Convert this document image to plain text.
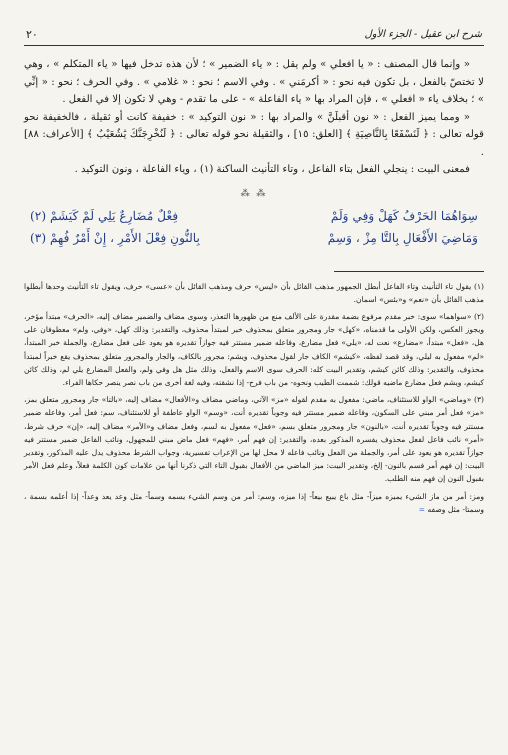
شرح ابن عقيل - الجزء الأول
٢٠

« وإنما قال المصنف : « يا افعلي » ولم يقل : « ياء الضمير » ؛ لأن هذه تدخل فيها « ياء المتكلم » ، وهي لا تختصّ بالفعل ، بل تكون فيه نحو : « أكرمَني » . وفي الاسم ؛ نحو : « غلامي » . وفي الحرف ؛ نحو : « إنِّي » ؛ بخلاف ياء « افعلي » ، فإن المراد بها « ياء الفاعلة » - على ما تقدم - وهي لا تكون إلا في الفعل .

« ومما يميز الفعل : « نون أقبلَنَّ » والمراد بها : « نون التوكيد » : خفيفة كانت أو ثقيلة ، فالخفيفة نحو قوله تعالى : ﴿ لَنَسْفَعًا بِالنَّاصِيَةِ ﴾ [العلق: ١٥] ، والثقيلة نحو قوله تعالى : ﴿ لَنُخْرِجَنَّكَ يَٰشُعَيْبُ ﴾ [الأعراف: ٨٨] .

فمعنى البيت : ينجلي الفعل بتاء الفاعل ، وتاء التأنيث الساكنة (١) ، وياء الفاعلة ، ونون التوكيد .

⁂ ⁂
سِوَاهُمَا الحَرْفُ كَهَلْ وَفِي وَلَمْ
فِعْلٌ مُضَارِعٌ يَلِي لَمْ كَيَشَمْ (٢)
وَمَاضِيَ الأَفْعَالِ بِالتَّا مِزْ ، وَسِمْ
بِالنُّونِ فِعْلَ الأَمْرِ ، إِنْ أَمْرٌ فُهِمْ (٣)

(١) يقول تاء التأنيث وتاء الفاعل أبطل الجمهور مذهب القائل بأن «ليس» حرف ومذهب القائل بأن «عسى» حرف، ويقول تاء التأنيث وحدها أبطلوا مذهب القائل بأن «نعم» و«بئس» اسمان.

(٢) «سواهما» سوى: خبر مقدم مرفوع بضمة مقدرة على الألف منع من ظهورها التعذر، وسوى مضاف والضمير مضاف إليه، «الحرف» مبتدأ مؤخر، ويجوز العكس، ولكن الأولى ما قدمناه، «كهل» جار ومجرور متعلق بمحذوف خبر لمبتدأ محذوف، والتقدير: وذلك كهل، «وفي، ولم» معطوفان على هل، «فعل» مبتدأ، «مضارع» نعت له، «يلي» فعل مضارع، وفاعله ضمير مستتر فيه جوازاً تقديره هو يعود على فعل مضارع، والجملة خبر المبتدأ، «لم» مفعول به ليلي، وقد قصد لفظه، «كيشم» الكاف جار لقول محذوف، ويشم: مجرور بالكاف، والجار والمجرور متعلق بمحذوف يقع خبراً لمبتدأ محذوف، والتقدير: وذلك كائن كيشم، وتقدير البيت كله: الحرف سوى الاسم والفعل، وذلك مثل هل وفي ولم، والفعل المضارع يلي لم، وذلك كائن كيشم، ويشم فعل مضارع ماضيه قولك: شممت الطيب ونحوه- من باب فرح- إذا نشقته، وفيه لغة أخرى من باب نصر ينصر حكاها الفراء.

(٣) «وماضي» الواو للاستئناف، ماضي: مفعول به مقدم لقوله «مز» الآتي، وماضي مضاف و«الأفعال» مضاف إليه، «بالتا» جار ومجرور متعلق بمز، «مز» فعل أمر مبني على السكون، وفاعله ضمير مستتر فيه وجوباً تقديره أنت، «وسم» الواو عاطفة أو للاستئناف، سم: فعل أمر، وفاعله ضمير مستتر فيه وجوباً تقديره أنت، «بالنون» جار ومجرور متعلق بسم، «فعل» مفعول به لسم، وفعل مضاف و«الأمر» مضاف إليه، «إن» حرف شرط، «أمر» نائب فاعل لفعل محذوف يفسره المذكور بعده، والتقدير: إن فهم أمر، «فهم» فعل ماض مبني للمجهول، ونائب الفاعل ضمير مستتر فيه جوازاً تقديره هو يعود على أمر، والجملة من الفعل ونائب فاعله لا محل لها من الإعراب تفسيرية، وجواب الشرط محذوف يدل عليه المذكور، وتقدير البيت: إن فهم أمر فسم بالنون- إلخ، وتقدير البيت: ميز الماضي من الأفعال بقبول التاء التي ذكرنا أنها من علامات كون الكلمة فعلاً، وعلم فعل الأمر بقبول النون إن فهم منه الطلب.

ومز: أمر من ماز الشيء يميزه ميزاً- مثل باع يبيع بيعاً- إذا ميزه، وسم: أمر من وسم الشيء يسمه وسماً- مثل وعد يعد وعداً- إذا أعلمه بسمة ، وسمتا- مثل وصفه =
